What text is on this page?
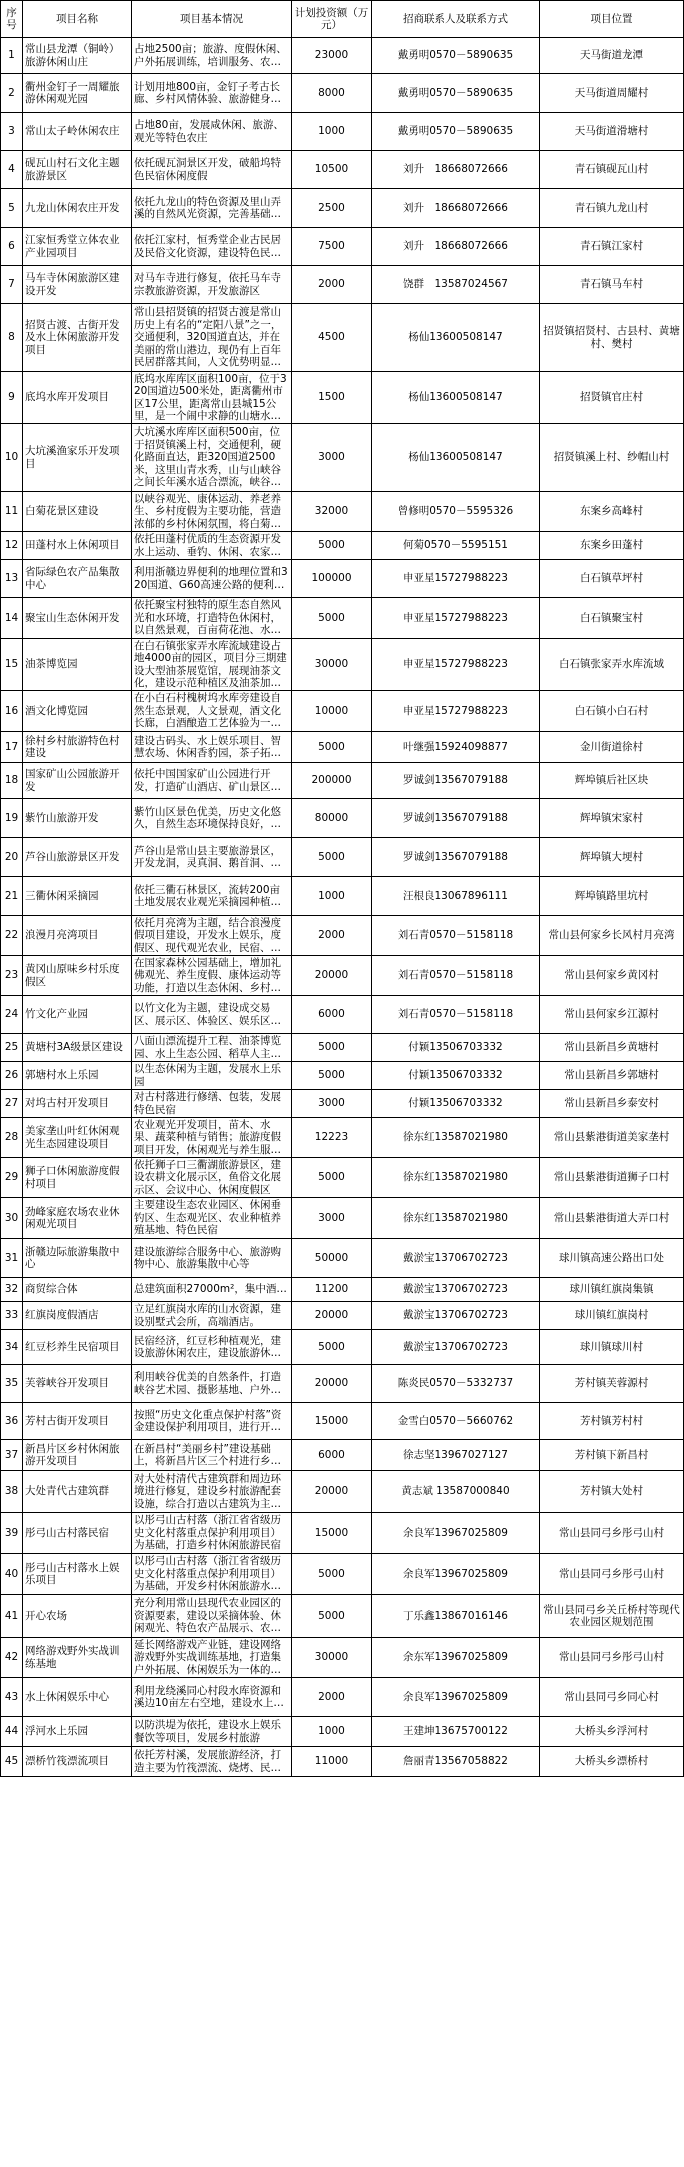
序号	项目名称	项目基本情况	计划投资额（万元）	招商联系人及联系方式	项目位置

1	常山县龙潭（铜岭）旅游休闲山庄	占地2500亩；旅游、度假休闲、户外拓展训练，培训服务、农业	23000	戴勇明0570－5890635	天马街道龙潭

2	衢州金钉子一周耀旅游休闲观光园	计划用地800亩，金钉子考古长廊、乡村风情体验、旅游健身和	8000	戴勇明0570－5890635	天马街道周耀村

3	常山太子岭休闲农庄	占地80亩，发展咸休闲、旅游、观光等特色农庄	1000	戴勇明0570－5890635	天马街道滑塘村

4	砚瓦山村石文化主题旅游景区	依托砚瓦洞景区开发，破船坞特色民宿休闲度假	10500	刘升　18668072666	青石镇砚瓦山村

5	九龙山休闲农庄开发	依托九龙山的特色资源及里山弄溪的自然风光资源，完善基础配	2500	刘升　18668072666	青石镇九龙山村

6	江家恒秀堂立体农业产业园项目	依托江家村，恒秀堂企业古民居及民俗文化资源，建设特色民	7500	刘升　18668072666	青石镇江家村

7	马车寺休闲旅游区建设开发	对马车寺进行修复，依托马车寺宗教旅游资源，开发旅游区	2000	饶群　13587024567	青石镇马车村

8	招贤古渡、古街开发及水上休闲旅游开发项目	常山县招贤镇的招贤古渡是常山历史上有名的“定阳八景”之一，交通便利，320国道直达，并在美丽的常山港边，现仍有上百年民居群落其间，人文优势明显，	4500	杨仙13600508147	招贤镇招贤村、古县村、黄塘村、樊村

9	底坞水库开发项目	底坞水库库区面积100亩，位于320国道边500米处，距离衢州市区17公里，距离常山县城15公里，是一个闹中求静的山塘水	1500	杨仙13600508147	招贤镇官庄村

10	大坑溪渔家乐开发项目	大坑溪水库库区面积500亩，位于招贤镇溪上村，交通便利，硬化路面直达，距320国道2500米，这里山青水秀，山与山峡谷之间长年溪水适合漂流，峡谷溪	3000	杨仙13600508147	招贤镇溪上村、纱帽山村

11	白菊花景区建设	以峡谷观光、康体运动、养老养生、乡村度假为主要功能，营造浓郁的乡村休闲氛围，将白菊花	32000	曾修明0570－5595326	东案乡高峰村

12	田蓬村水上休闲项目	依托田蓬村优质的生态资源开发水上运动、垂钓、休闲、农家乐	5000	何菊0570－5595151	东案乡田蓬村

13	省际绿色农产品集散中心	利用浙赣边界便利的地理位置和320国道、G60高速公路的便利，	100000	申亚星15727988223	白石镇草坪村

14	聚宝山生态休闲开发	依托聚宝村独特的原生态自然风光和水环境，打造特色休闲村，以自然景观，百亩荷花池、水上	5000	申亚星15727988223	白石镇聚宝村

15	油茶博览园	在白石镇张家弄水库流域建设占地4000亩的园区，项目分三期建设大型油茶展览馆，展现油茶文化，建设示范种植区及油茶加工	30000	申亚星15727988223	白石镇张家弄水库流域

16	酒文化博览园	在小白石村槐树坞水库旁建设自然生态景观，人文景观，酒文化长廊，白酒酿造工艺体验为一体	10000	申亚星15727988223	白石镇小白石村

17	徐村乡村旅游特色村建设	建设古码头、水上娱乐项目、智慧农场、休闲香豹园，茶子拓展	5000	叶继强15924098877	金川街道徐村

18	国家矿山公园旅游开发	依托中国国家矿山公园进行开发，打造矿山酒店、矿山景区、	200000	罗诚剑13567079188	辉埠镇后社区块

19	紫竹山旅游开发	紫竹山区景色优美，历史文化悠久，自然生态环境保持良好，可	80000	罗诚剑13567079188	辉埠镇宋家村

20	芦谷山旅游景区开发	芦谷山是常山县主要旅游景区，开发龙洞，灵真洞、鹅首洞、观	5000	罗诚剑13567079188	辉埠镇大埂村

21	三衢休闲采摘园	依托三衢石林景区，流转200亩土地发展农业观光采摘园种植水	1000	汪根良13067896111	辉埠镇路里坑村

22	浪漫月亮湾项目	依托月亮湾为主题，结合浪漫度假项目建设，开发水上娱乐，度假区、现代观光农业，民宿、文	2000	刘石青0570－5158118	常山县何家乡长风村月亮湾

23	黄冈山原味乡村乐度假区	在国家森林公园基础上，增加礼佛观光、养生度假、康体运动等功能，打造以生态休闲、乡村度	20000	刘石青0570－5158118	常山县何家乡黄冈村

24	竹文化产业园	以竹文化为主题，建设成交易区、展示区、体验区、娱乐区为	6000	刘石青0570－5158118	常山县何家乡江源村

25	黄塘村3A级景区建设	八面山漂流提升工程、油茶博览园、水上生态公园、稻草人主题	5000	付颖13506703332	常山县新昌乡黄塘村

26	郭塘村水上乐园	以生态休闲为主题，发展水上乐园	5000	付颖13506703332	常山县新昌乡郭塘村

27	对坞古村开发项目	对古村落进行修缮、包装，发展特色民宿	3000	付颖13506703332	常山县新昌乡泰安村

28	美家垄山叶红休闲观光生态园建设项目	农业观光开发项目，苗木、水果、蔬菜种植与销售；旅游度假项目开发，休闲观光与养生服	12223	徐东红13587021980	常山县紫港街道美家垄村

29	狮子口休闲旅游度假村项目	依托狮子口三衢湖旅游景区，建设农耕文化展示区，鱼俗文化展示区、会议中心、休闲度假区	5000	徐东红13587021980	常山县紫港街道狮子口村

30	劲峰家庭农场农业休闲观光项目	主要建设生态农业园区、休闲垂钓区、生态观光区、农业种植养殖基地、特色民宿	3000	徐东红13587021980	常山县紫港街道大弄口村

31	浙赣边际旅游集散中心	建设旅游综合服务中心、旅游购物中心、旅游集散中心等	50000	戴淤宝13706702723	球川镇高速公路出口处

32	商贸综合体	总建筑面积27000m²，集中酒店	11200	戴淤宝13706702723	球川镇红旗岗集镇

33	红旗岗度假酒店	立足红旗岗水库的山水资源，建设别墅式会所，高端酒店。	20000	戴淤宝13706702723	球川镇红旗岗村

34	红豆杉养生民宿项目	民宿经济，红豆杉种植观光，建设旅游休闲农庄，建设旅游休	5000	戴淤宝13706702723	球川镇球川村

35	芙蓉峡谷开发项目	利用峡谷优美的自然条件，打造峡谷艺术园、摄影基地、户外体	20000	陈炎民0570－5332737	芳村镇芙蓉源村

36	芳村古街开发项目	按照“历史文化重点保护村落”资金建设保护利用项目，进行开发	15000	金雪白0570－5660762	芳村镇芳村村

37	新昌片区乡村休闲旅游开发项目	在新昌村“美丽乡村”建设基础上，将新昌片区三个村进行乡村	6000	徐志坚13967027127	芳村镇下新昌村

38	大处青代古建筑群	对大处村清代古建筑群和周边环境进行修复，建设乡村旅游配套设施，综合打造以古建筑为主题	20000	黄志斌 13587000840	芳村镇大处村

39	彤弓山古村落民宿	以彤弓山古村落（浙江省省级历史文化村落重点保护利用项目）为基础，打造乡村休闲旅游民宿	15000	余良军13967025809	常山县同弓乡彤弓山村

40	彤弓山古村落水上娱乐项目	以彤弓山古村落（浙江省省级历史文化村落重点保护利用项目）为基础，开发乡村休闲旅游水上	5000	余良军13967025809	常山县同弓乡彤弓山村

41	开心农场	充分利用常山县现代农业园区的资源要素，建设以采摘体验、休闲观光、特色农产品展示、农家	5000	丁乐鑫13867016146	常山县同弓乡关丘桥村等现代农业园区规划范围

42	网络游戏野外实战训练基地	延长网络游戏产业链，建设网络游戏野外实战训练基地，打造集户外拓展、休闲娱乐为一体的训	30000	余东军13967025809	常山县同弓乡彤弓山村

43	水上休闲娱乐中心	利用龙绕溪同心村段水库资源和溪边10亩左右空地，建设水上休	2000	余良军13967025809	常山县同弓乡同心村

44	浮河水上乐园	以防洪堤为依托，建设水上娱乐餐饮等项目，发展乡村旅游	1000	王建坤13675700122	大桥头乡浮河村

45	漂桥竹筏漂流项目	依托芳村溪，发展旅游经济，打造主要为竹筏漂流、烧烤、民	11000	詹丽青13567058822	大桥头乡漂桥村
